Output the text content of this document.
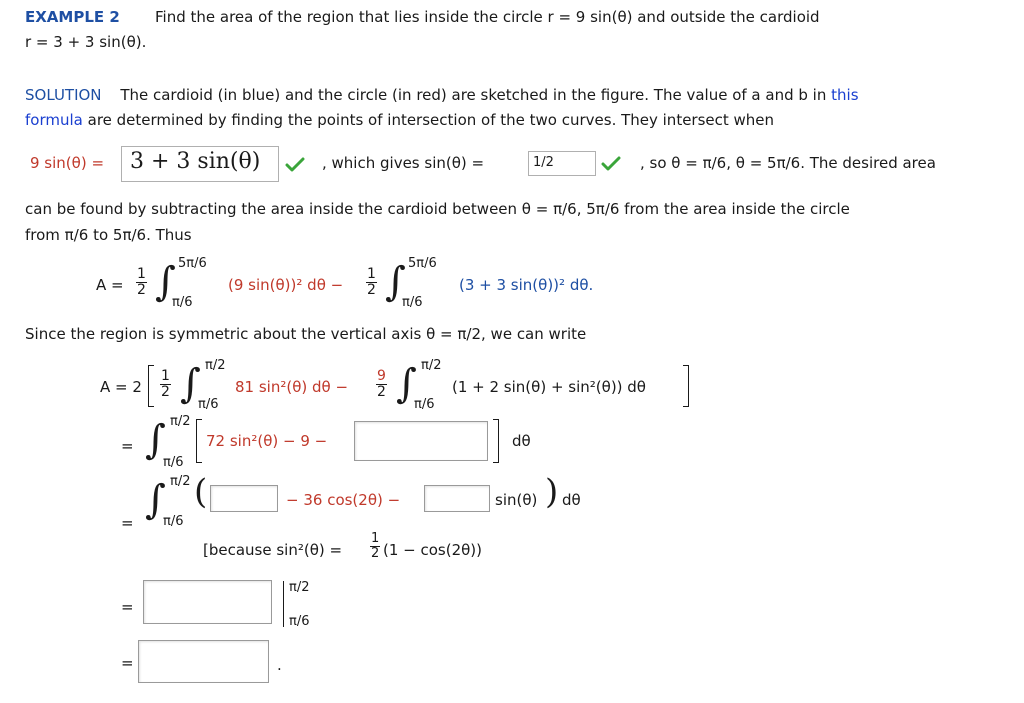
EXAMPLE 2 Find the area of the region that lies inside the circle r = 9 sin(θ) and outside the cardioid
r = 3 + 3 sin(θ).
SOLUTION The cardioid (in blue) and the circle (in red) are sketched in the figure. The value of a and b in this
formula are determined by finding the points of intersection of the two curves. They intersect when
9 sin(θ) =	3 + 3 sin(θ)	, which gives sin(θ) =	1/2	, so θ = π/6, θ = 5π/6. The desired area
can be found by subtracting the area inside the cardioid between θ = π/6, 5π/6 from the area inside the circle
from π/6 to 5π/6. Thus
$A = \frac{1}{2}$ ∫ 5π/6
π/6
(9 sin(θ))² $d\theta - \frac{1}{2}$ ∫ 5π/6
π/6
(3 + 3 sin(θ))² dθ.
Since the region is symmetric about the vertical axis θ = π/2, we can write
$A = 2 \frac{1}{2}$ ∫ π/2
π/6
81 sin²(θ) $d\theta - \frac{9}{2}$ ∫ π/2
π/6
(1 + 2 sin(θ) + sin²(θ)) dθ
= ∫ π/2
π/6
72 sin²(θ) − 9 −	dθ
= ∫ π/2
π/6
(	− 36 cos(2θ) −	sin(θ) ) dθ
[because $\sin^2(\theta) = \frac{1}{2} (1 - \cos(2\theta))$
=
π/2
π/6
=	.
